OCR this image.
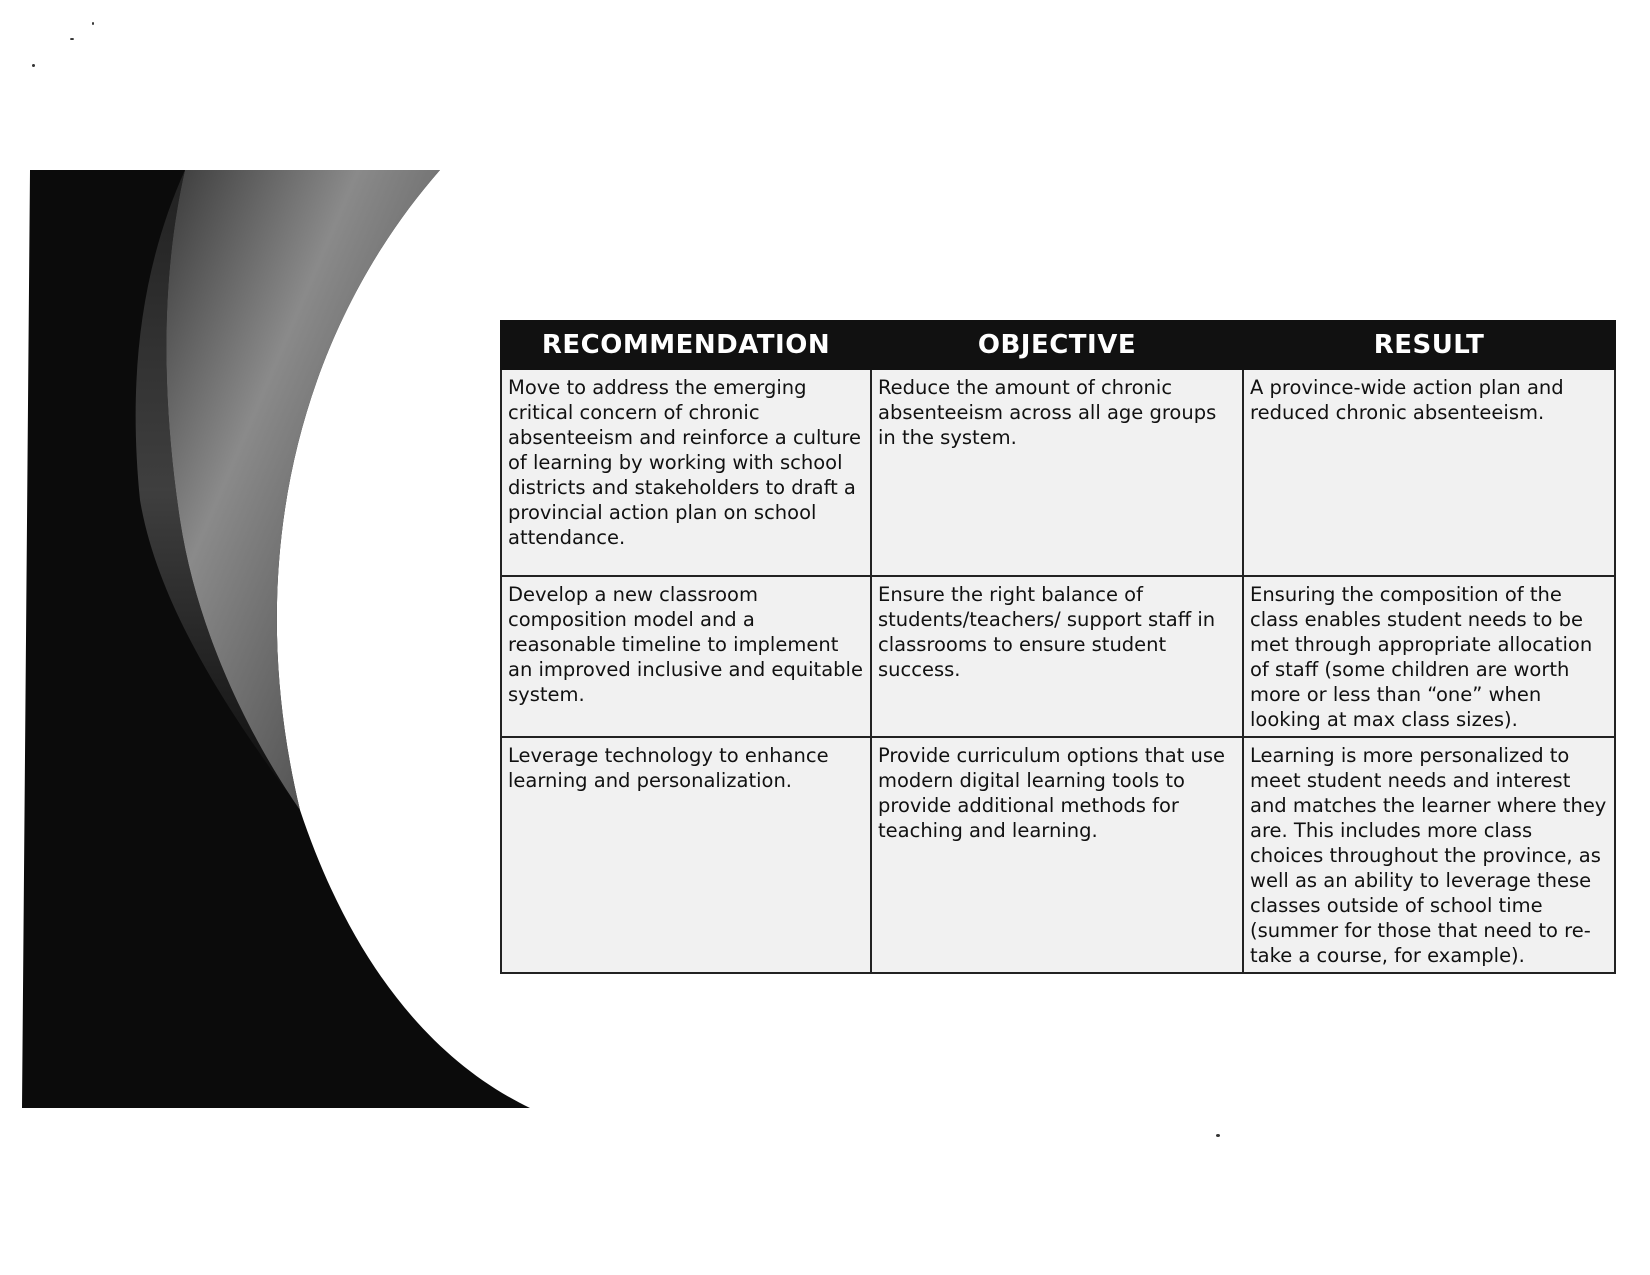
RECOMMENDATION	OBJECTIVE	RESULT
Move to address the emerging critical concern of chronic absenteeism and reinforce a culture of learning by working with school districts and stakeholders to draft a provincial action plan on school attendance.	Reduce the amount of chronic absenteeism across all age groups in the system.	A province-wide action plan and reduced chronic absenteeism.
Develop a new classroom composition model and a reasonable timeline to implement an improved inclusive and equitable system.	Ensure the right balance of students/teachers/ support staff in classrooms to ensure student success.	Ensuring the composition of the class enables student needs to be met through appropriate allocation of staff (some children are worth more or less than “one” when looking at max class sizes).
Leverage technology to enhance learning and personalization.	Provide curriculum options that use modern digital learning tools to provide additional methods for teaching and learning.	Learning is more personalized to meet student needs and interest and matches the learner where they are. This includes more class choices throughout the province, as well as an ability to leverage these classes outside of school time (summer for those that need to re-take a course, for example).
